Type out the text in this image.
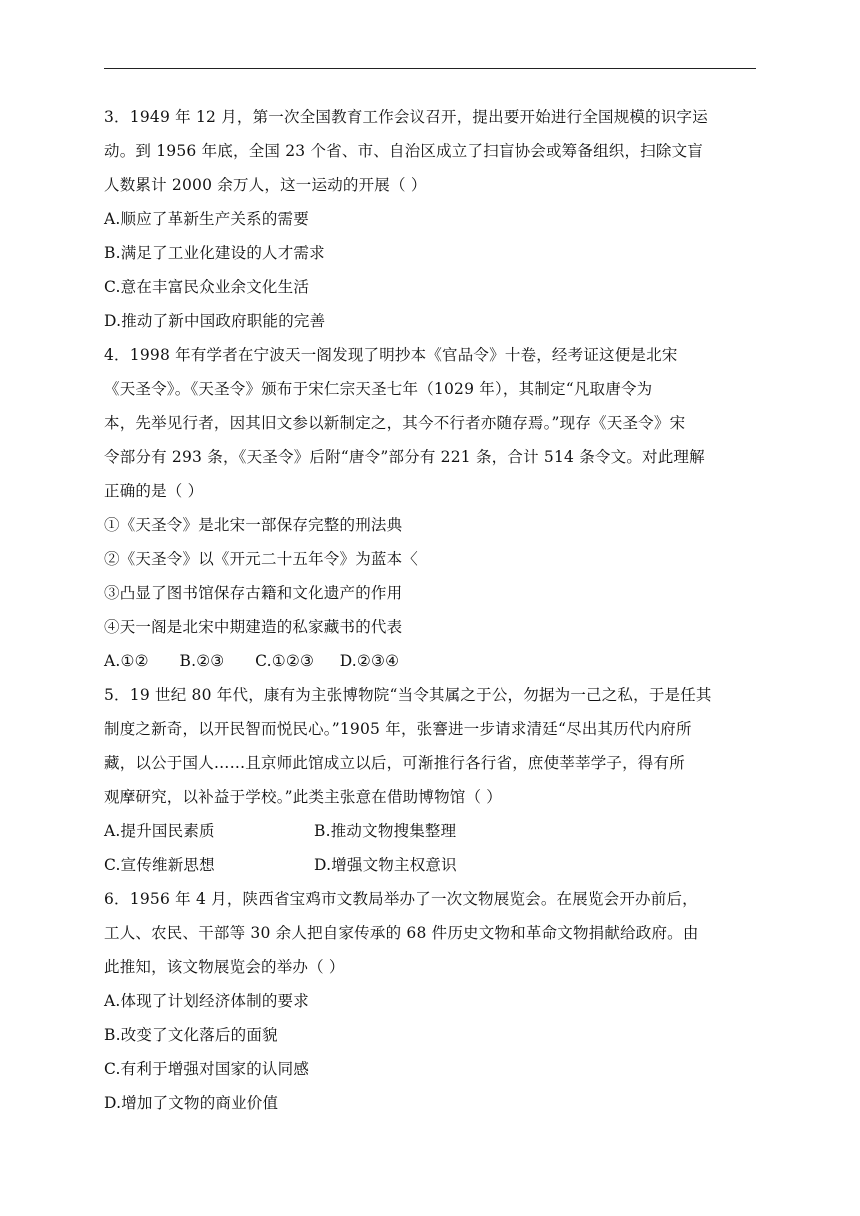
3．1949 年 12 月，第一次全国教育工作会议召开，提出要开始进行全国规模的识字运
动。到 1956 年底，全国 23 个省、市、自治区成立了扫盲协会或筹备组织，扫除文盲
人数累计 2000 余万人，这一运动的开展（ ）
A.顺应了革新生产关系的需要
B.满足了工业化建设的人才需求
C.意在丰富民众业余文化生活
D.推动了新中国政府职能的完善
4．1998 年有学者在宁波天一阁发现了明抄本《官品令》十卷，经考证这便是北宋
《天圣令》。《天圣令》颁布于宋仁宗天圣七年（1029 年），其制定“凡取唐令为
本，先举见行者，因其旧文参以新制定之，其今不行者亦随存焉。”现存《天圣令》宋
令部分有 293 条，《天圣令》后附“唐令”部分有 221 条，合计 514 条令文。对此理解
正确的是（ ）
①《天圣令》是北宋一部保存完整的刑法典
②《天圣令》以《开元二十五年令》为蓝本〈
③凸显了图书馆保存古籍和文化遗产的作用
④天一阁是北宋中期建造的私家藏书的代表
A.①②      B.②③      C.①②③     D.②③④
5．19 世纪 80 年代，康有为主张博物院“当令其属之于公，勿据为一己之私，于是任其
制度之新奇，以开民智而悦民心。”1905 年，张謇进一步请求清廷“尽出其历代内府所
藏，以公于国人……且京师此馆成立以后，可渐推行各行省，庶使莘莘学子，得有所
观摩研究，以补益于学校。”此类主张意在借助博物馆（ ）
A.提升国民素质	B.推动文物搜集整理
C.宣传维新思想	D.增强文物主权意识
6．1956 年 4 月，陕西省宝鸡市文教局举办了一次文物展览会。在展览会开办前后，
工人、农民、干部等 30 余人把自家传承的 68 件历史文物和革命文物捐献给政府。由
此推知，该文物展览会的举办（ ）
A.体现了计划经济体制的要求
B.改变了文化落后的面貌
C.有利于增强对国家的认同感
D.增加了文物的商业价值
